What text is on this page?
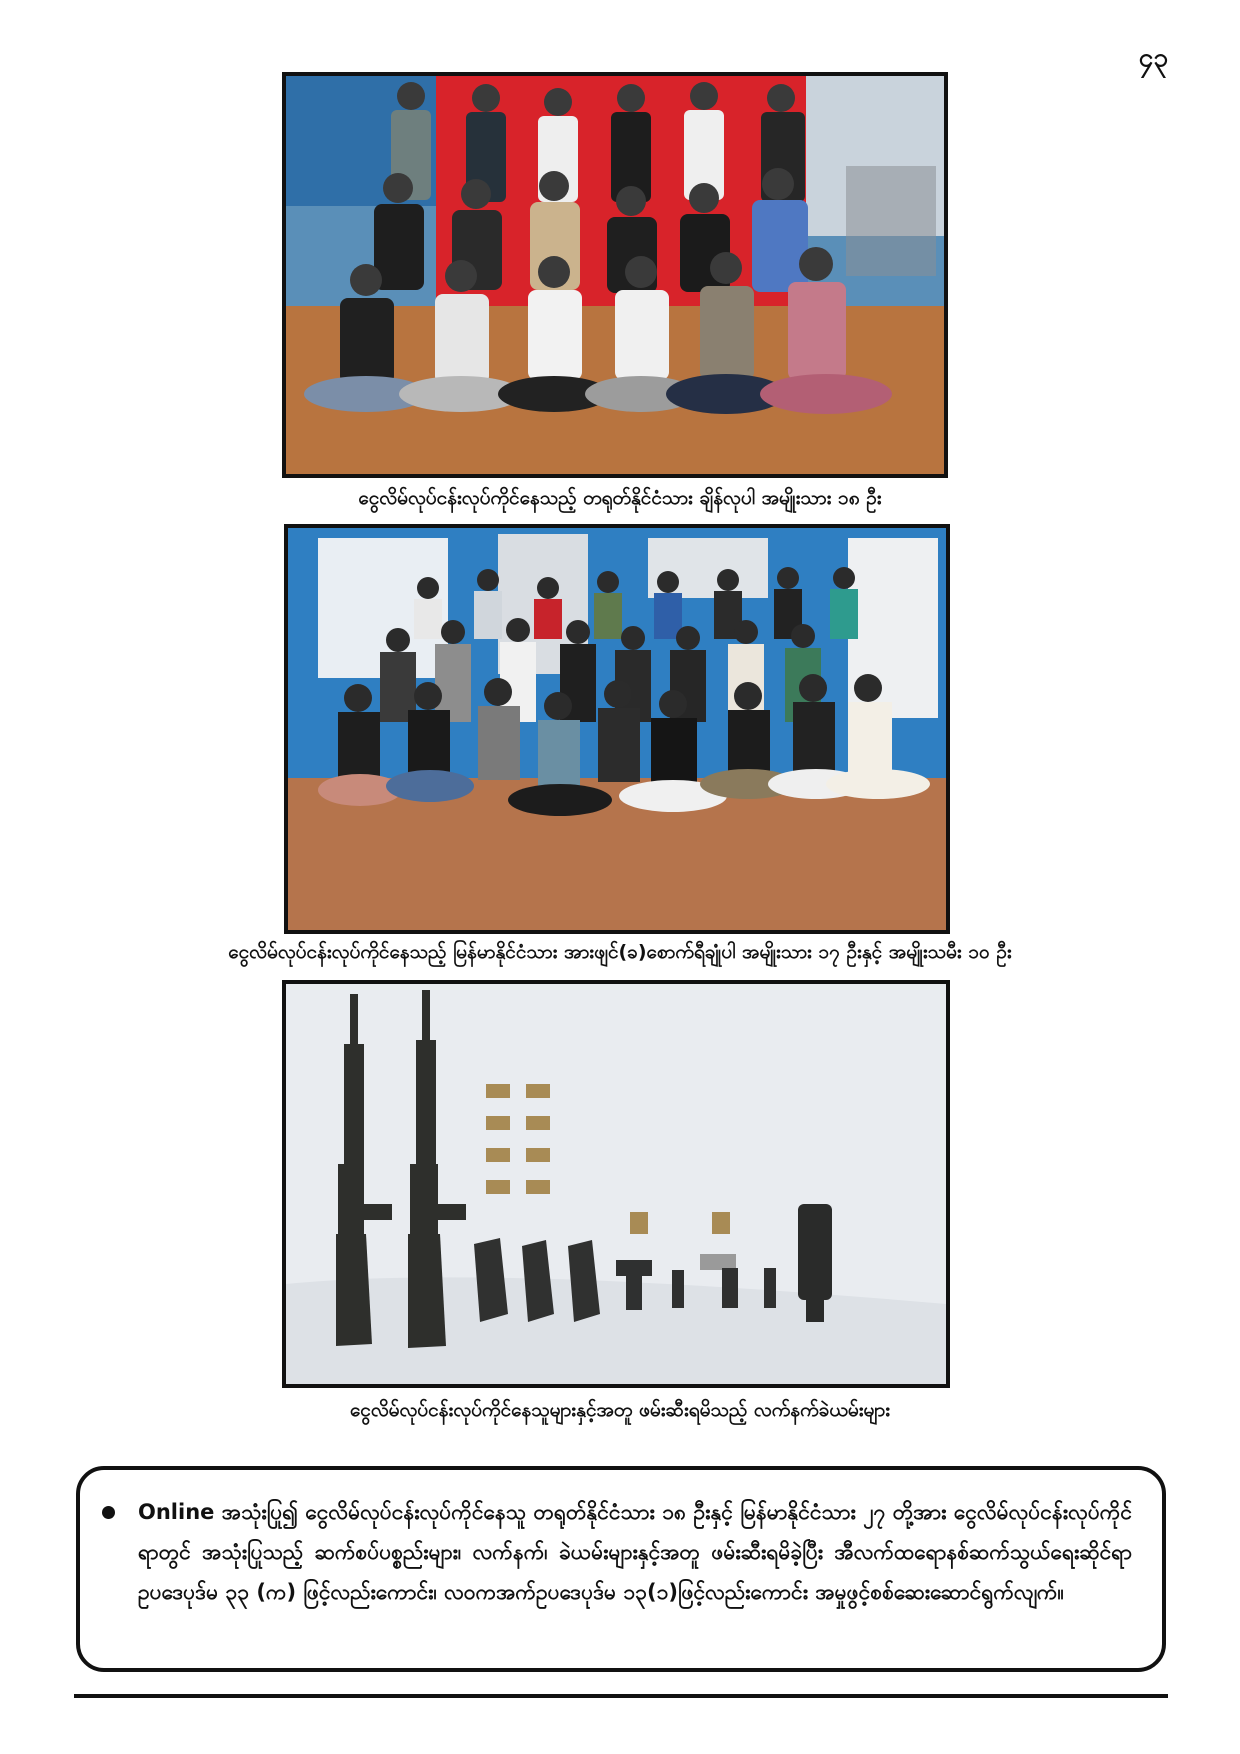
၄၃
ငွေလိမ်လုပ်ငန်းလုပ်ကိုင်နေသည့် တရုတ်နိုင်ငံသား ချိန်လုပါ အမျိုးသား ၁၈ ဦး
ငွေလိမ်လုပ်ငန်းလုပ်ကိုင်နေသည့် မြန်မာနိုင်ငံသား အားဖျင်(ခ)စောက်ရီချုံပါ အမျိုးသား ၁၇ ဦးနှင့် အမျိုးသမီး ၁၀ ဦး
ငွေလိမ်လုပ်ငန်းလုပ်ကိုင်နေသူများနှင့်အတူ ဖမ်းဆီးရမိသည့် လက်နက်ခဲယမ်းများ
Online အသုံးပြု၍ ငွေလိမ်လုပ်ငန်းလုပ်ကိုင်နေသူ တရုတ်နိုင်ငံသား ၁၈ ဦးနှင့် မြန်မာနိုင်ငံသား ၂၇ တို့အား ငွေလိမ်လုပ်ငန်းလုပ်ကိုင်ရာတွင် အသုံးပြုသည့် ဆက်စပ်ပစ္စည်းများ၊ လက်နက်၊ ခဲယမ်းများနှင့်အတူ ဖမ်းဆီးရမိခဲ့ပြီး အီလက်ထရောနစ်ဆက်သွယ်ရေးဆိုင်ရာ ဥပဒေပုဒ်မ ၃၃ (က) ဖြင့်လည်းကောင်း၊ လ၀ကအက်ဥပဒေပုဒ်မ ၁၃(၁)ဖြင့်လည်းကောင်း အမှုဖွင့်စစ်ဆေးဆောင်ရွက်လျက်။
